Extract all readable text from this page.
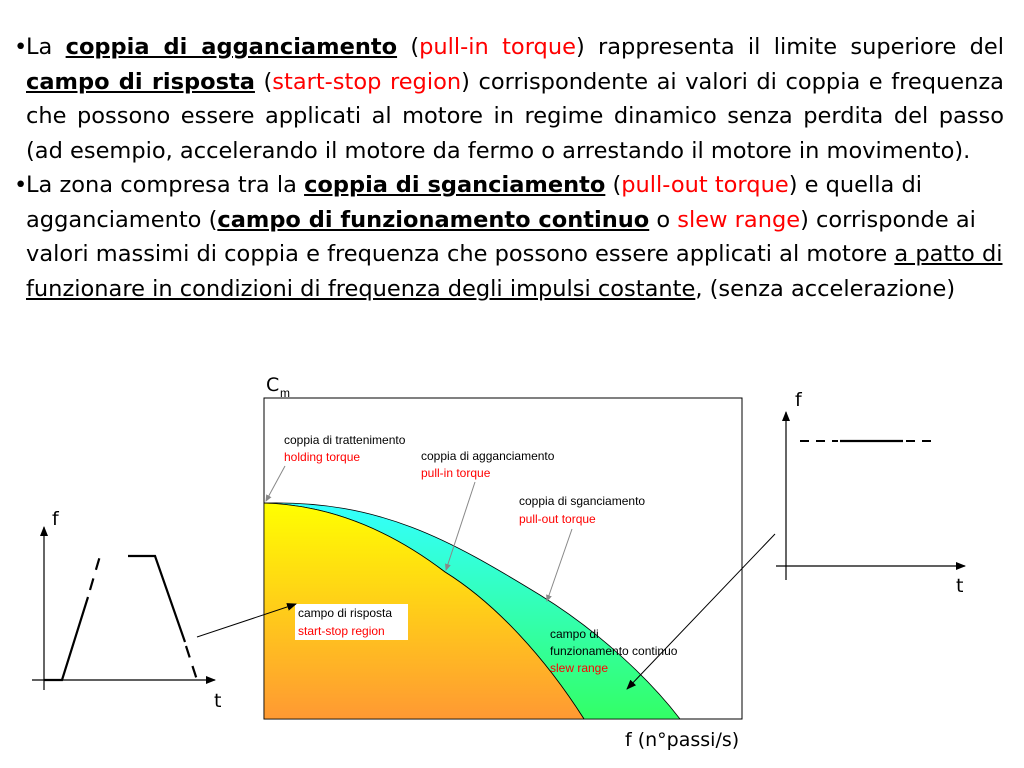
•
La coppia di agganciamento (pull-in torque) rappresenta il limite superiore del campo di risposta (start-stop region) corrispondente ai valori di coppia e frequenza che possono essere applicati al motore in regime dinamico senza perdita del passo (ad esempio, accelerando il motore da fermo o arrestando il motore in movimento).
•
La zona compresa tra la coppia di sganciamento (pull-out torque) e quella di agganciamento (campo di funzionamento continuo o slew range) corrisponde ai valori massimi di coppia e frequenza che possono essere applicati al motore a patto di funzionare in condizioni di frequenza degli impulsi costante, (senza accelerazione)
coppia di trattenimento
holding torque	coppia di agganciamento
pull-in torque
coppia di sganciamento
pull-out torque
campo di risposta
start-stop region	campo di
funzionamento continuo
slew range
C m
f (n°passi/s)
f
t
f
t
